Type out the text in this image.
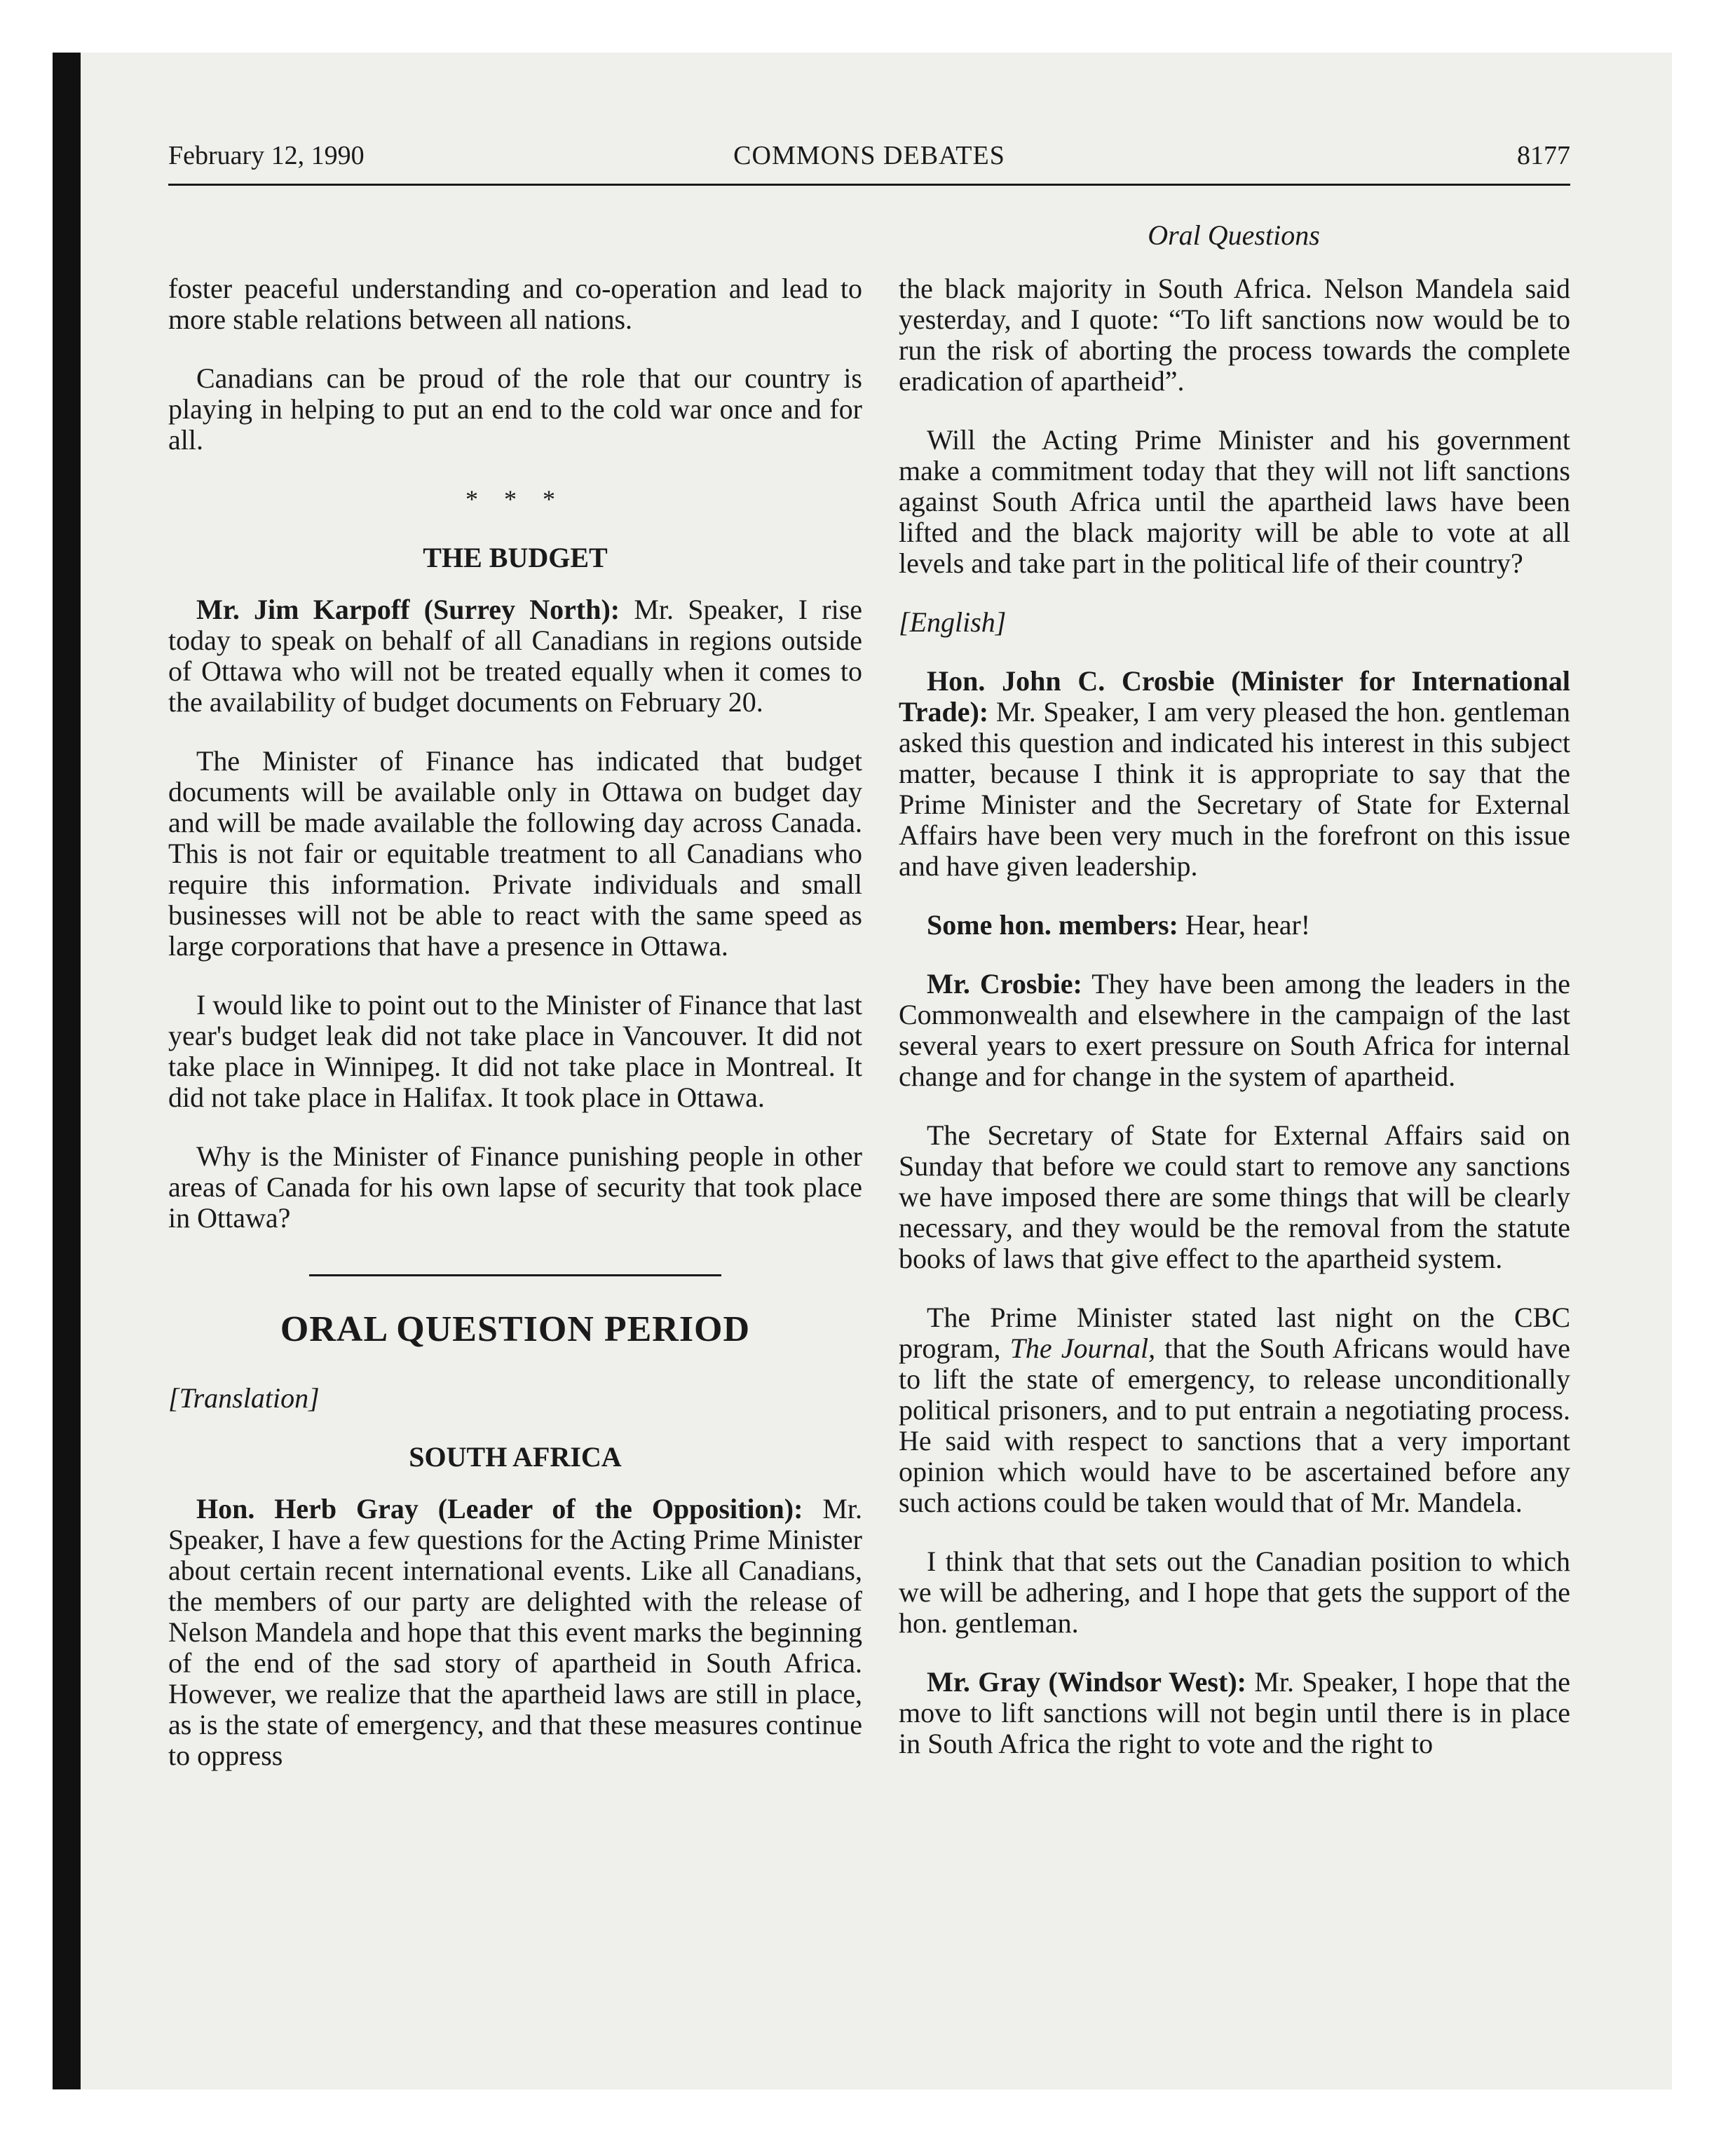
February 12, 1990	COMMONS DEBATES	8177
Oral Questions

foster peaceful understanding and co-operation and lead to more stable relations between all nations.

Canadians can be proud of the role that our country is playing in helping to put an end to the cold war once and for all.

* * *
THE BUDGET

Mr. Jim Karpoff (Surrey North): Mr. Speaker, I rise today to speak on behalf of all Canadians in regions outside of Ottawa who will not be treated equally when it comes to the availability of budget documents on February 20.

The Minister of Finance has indicated that budget documents will be available only in Ottawa on budget day and will be made available the following day across Canada. This is not fair or equitable treatment to all Canadians who require this information. Private individuals and small businesses will not be able to react with the same speed as large corporations that have a presence in Ottawa.

I would like to point out to the Minister of Finance that last year's budget leak did not take place in Vancouver. It did not take place in Winnipeg. It did not take place in Montreal. It did not take place in Halifax. It took place in Ottawa.

Why is the Minister of Finance punishing people in other areas of Canada for his own lapse of security that took place in Ottawa?

ORAL QUESTION PERIOD

[Translation]

SOUTH AFRICA

Hon. Herb Gray (Leader of the Opposition): Mr. Speaker, I have a few questions for the Acting Prime Minister about certain recent international events. Like all Canadians, the members of our party are delighted with the release of Nelson Mandela and hope that this event marks the beginning of the end of the sad story of apartheid in South Africa. However, we realize that the apartheid laws are still in place, as is the state of emergency, and that these measures continue to oppress

the black majority in South Africa. Nelson Mandela said yesterday, and I quote: “To lift sanctions now would be to run the risk of aborting the process towards the complete eradication of apartheid”.

Will the Acting Prime Minister and his government make a commitment today that they will not lift sanctions against South Africa until the apartheid laws have been lifted and the black majority will be able to vote at all levels and take part in the political life of their country?

[English]

Hon. John C. Crosbie (Minister for International Trade): Mr. Speaker, I am very pleased the hon. gentleman asked this question and indicated his interest in this subject matter, because I think it is appropriate to say that the Prime Minister and the Secretary of State for External Affairs have been very much in the forefront on this issue and have given leadership.

Some hon. members: Hear, hear!

Mr. Crosbie: They have been among the leaders in the Commonwealth and elsewhere in the campaign of the last several years to exert pressure on South Africa for internal change and for change in the system of apartheid.

The Secretary of State for External Affairs said on Sunday that before we could start to remove any sanctions we have imposed there are some things that will be clearly necessary, and they would be the removal from the statute books of laws that give effect to the apartheid system.

The Prime Minister stated last night on the CBC program, The Journal, that the South Africans would have to lift the state of emergency, to release unconditionally political prisoners, and to put entrain a negotiating process. He said with respect to sanctions that a very important opinion which would have to be ascertained before any such actions could be taken would that of Mr. Mandela.

I think that that sets out the Canadian position to which we will be adhering, and I hope that gets the support of the hon. gentleman.

Mr. Gray (Windsor West): Mr. Speaker, I hope that the move to lift sanctions will not begin until there is in place in South Africa the right to vote and the right to
